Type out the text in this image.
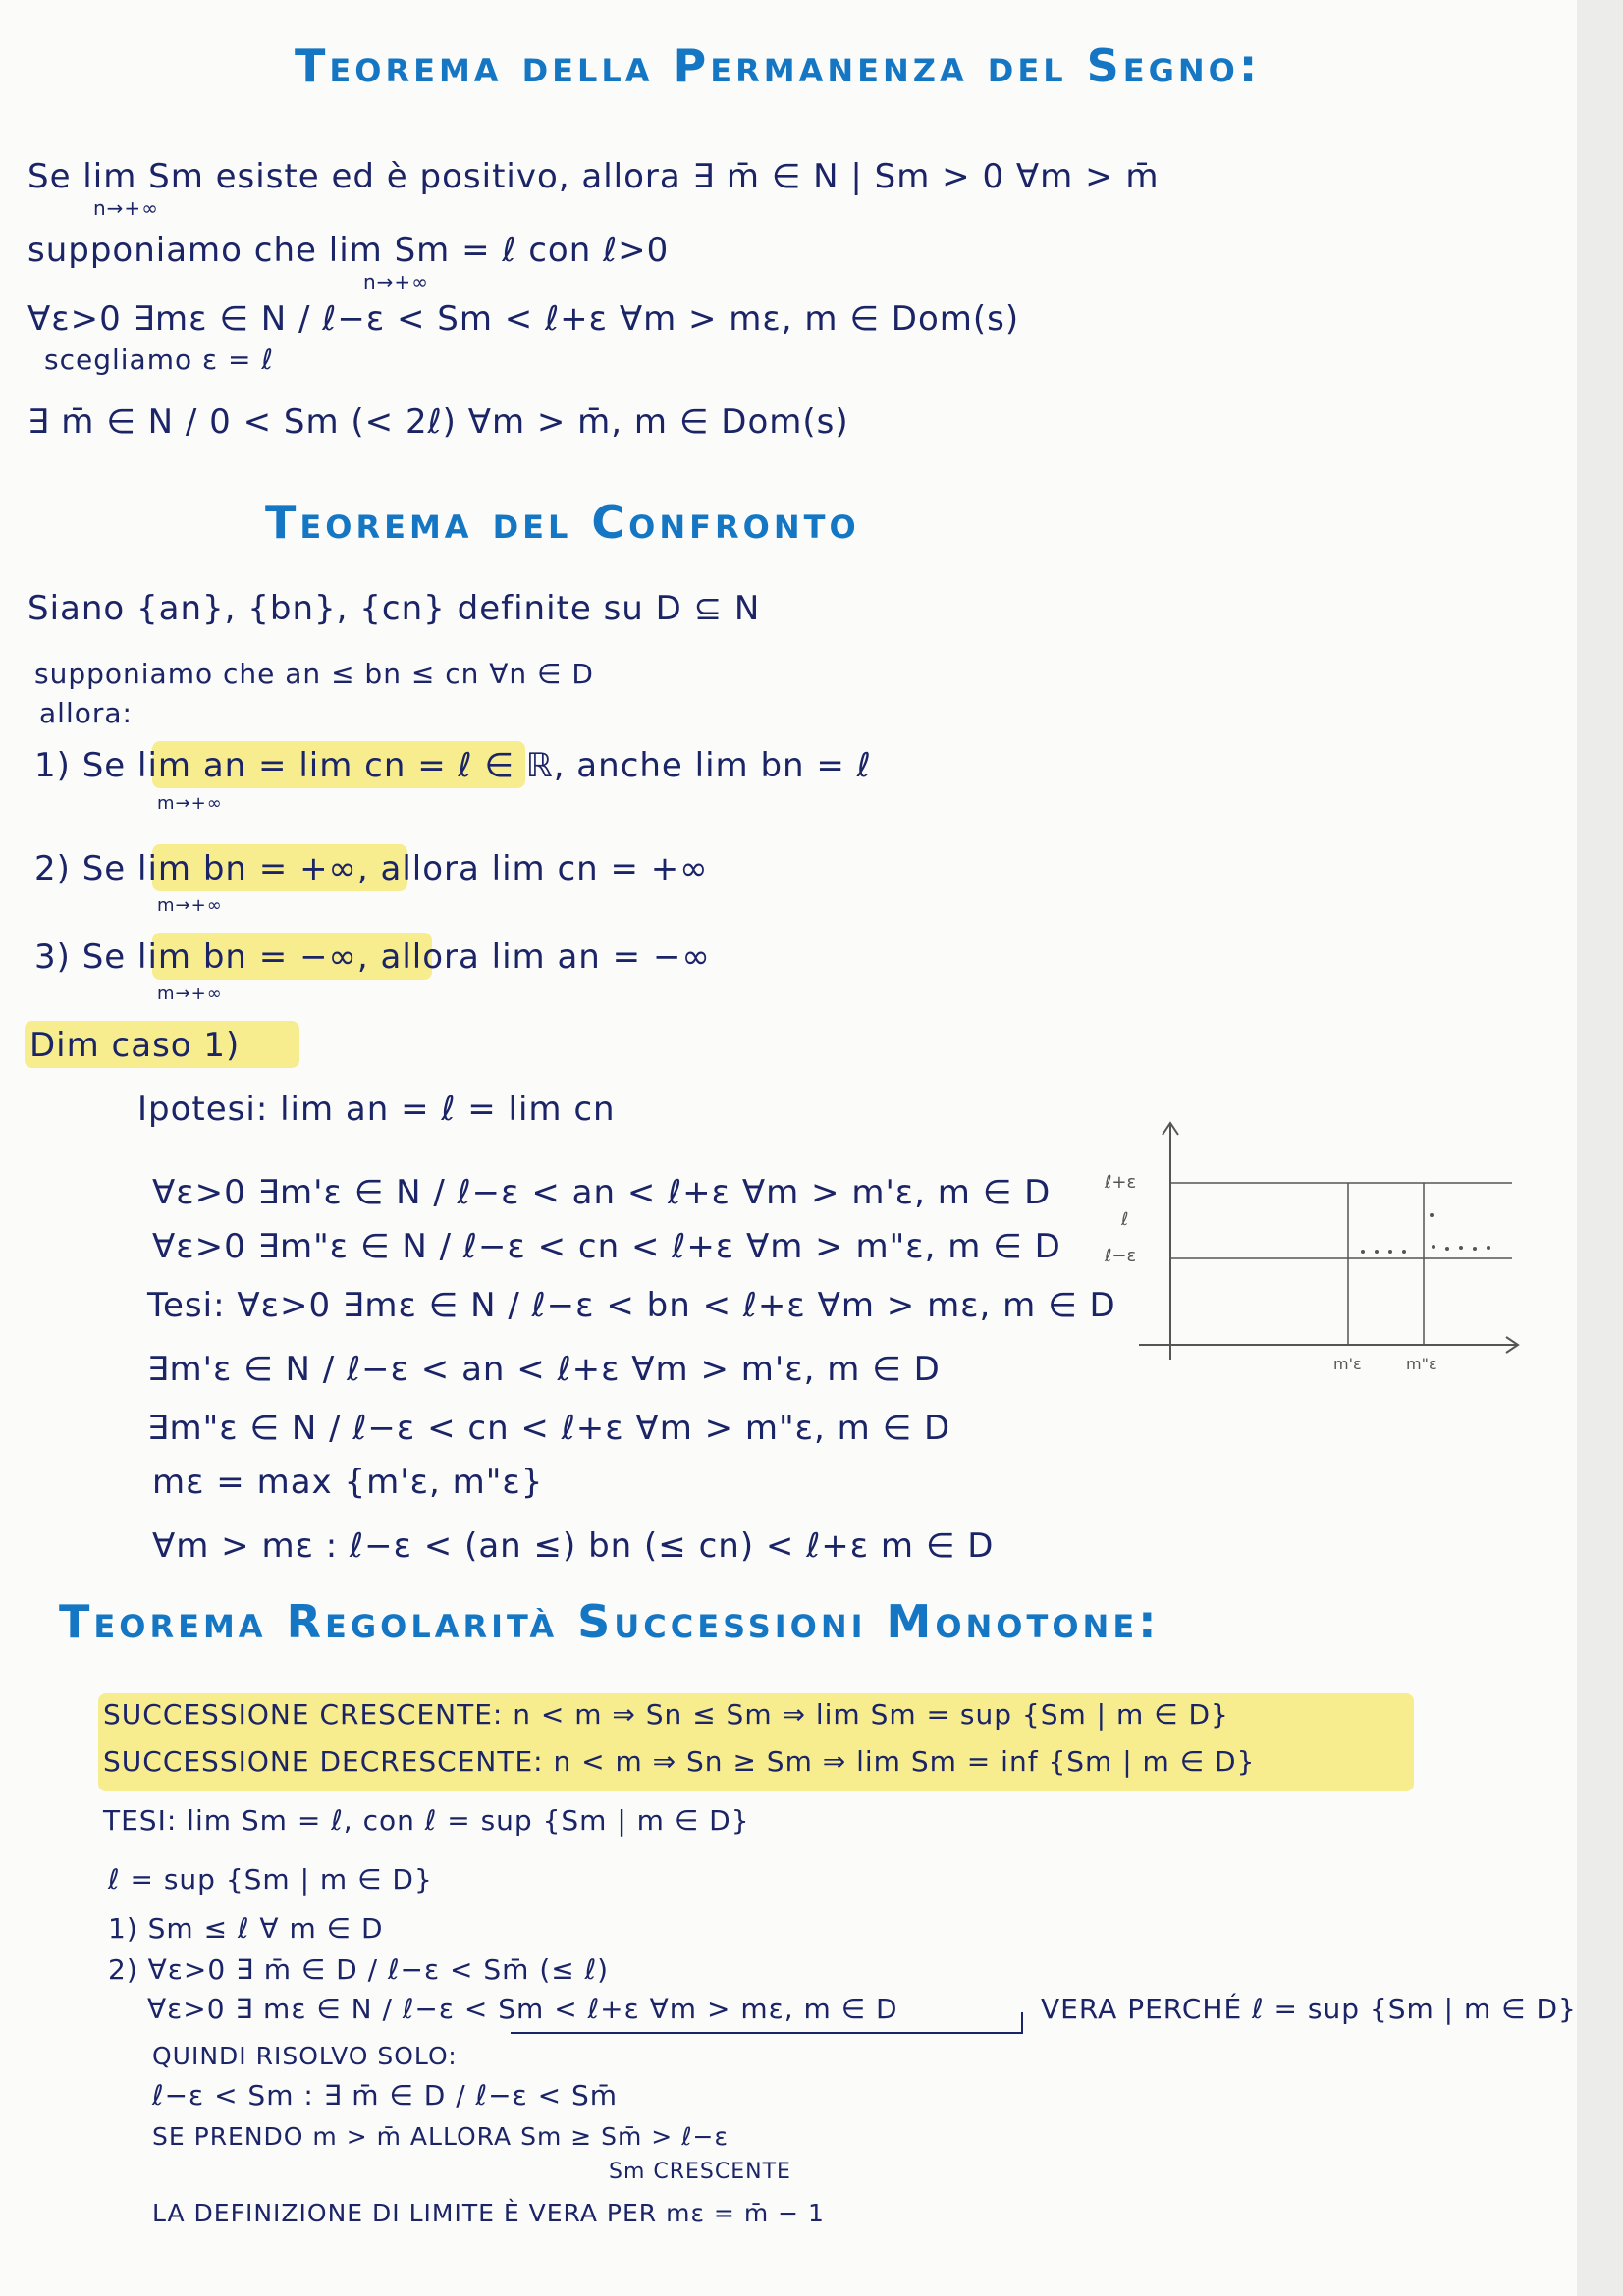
Teorema della Permanenza del Segno:
Se lim Sm esiste ed è positivo, allora ∃ m̄ ∈ N | Sm > 0 ∀m > m̄
n→+∞
supponiamo che lim Sm = ℓ con ℓ>0
n→+∞
∀ε>0 ∃mε ∈ N / ℓ−ε < Sm < ℓ+ε ∀m > mε, m ∈ Dom(s)
scegliamo ε = ℓ
∃ m̄ ∈ N / 0 < Sm (< 2ℓ) ∀m > m̄, m ∈ Dom(s)
Teorema del Confronto
Siano {an}, {bn}, {cn} definite su D ⊆ N
supponiamo che an ≤ bn ≤ cn ∀n ∈ D
allora:
1) Se lim an = lim cn = ℓ ∈ ℝ, anche lim bn = ℓ
m→+∞
2) Se lim bn = +∞, allora lim cn = +∞
m→+∞
3) Se lim bn = −∞, allora lim an = −∞
m→+∞
Dim caso 1)
Ipotesi: lim an = ℓ = lim cn
∀ε>0 ∃m'ε ∈ N / ℓ−ε < an < ℓ+ε ∀m > m'ε, m ∈ D
∀ε>0 ∃m"ε ∈ N / ℓ−ε < cn < ℓ+ε ∀m > m"ε, m ∈ D
Tesi: ∀ε>0 ∃mε ∈ N / ℓ−ε < bn < ℓ+ε ∀m > mε, m ∈ D
∃m'ε ∈ N / ℓ−ε < an < ℓ+ε ∀m > m'ε, m ∈ D
∃m"ε ∈ N / ℓ−ε < cn < ℓ+ε ∀m > m"ε, m ∈ D
mε = max {m'ε, m"ε}
∀m > mε : ℓ−ε < (an ≤) bn (≤ cn) < ℓ+ε m ∈ D
ℓ+ε
ℓ
ℓ−ε
m'ε	m"ε
Teorema Regolarità Successioni Monotone:
SUCCESSIONE CRESCENTE: n < m ⇒ Sn ≤ Sm ⇒ lim Sm = sup {Sm | m ∈ D}
SUCCESSIONE DECRESCENTE: n < m ⇒ Sn ≥ Sm ⇒ lim Sm = inf {Sm | m ∈ D}
TESI: lim Sm = ℓ, con ℓ = sup {Sm | m ∈ D}
ℓ = sup {Sm | m ∈ D}
1) Sm ≤ ℓ ∀ m ∈ D
2) ∀ε>0 ∃ m̄ ∈ D / ℓ−ε < Sm̄ (≤ ℓ)
∀ε>0 ∃ mε ∈ N / ℓ−ε < Sm < ℓ+ε ∀m > mε, m ∈ D	VERA PERCHÉ ℓ = sup {Sm | m ∈ D}
QUINDI RISOLVO SOLO:
ℓ−ε < Sm : ∃ m̄ ∈ D / ℓ−ε < Sm̄
SE PRENDO m > m̄ ALLORA Sm ≥ Sm̄ > ℓ−ε
Sm CRESCENTE
LA DEFINIZIONE DI LIMITE È VERA PER mε = m̄ − 1
